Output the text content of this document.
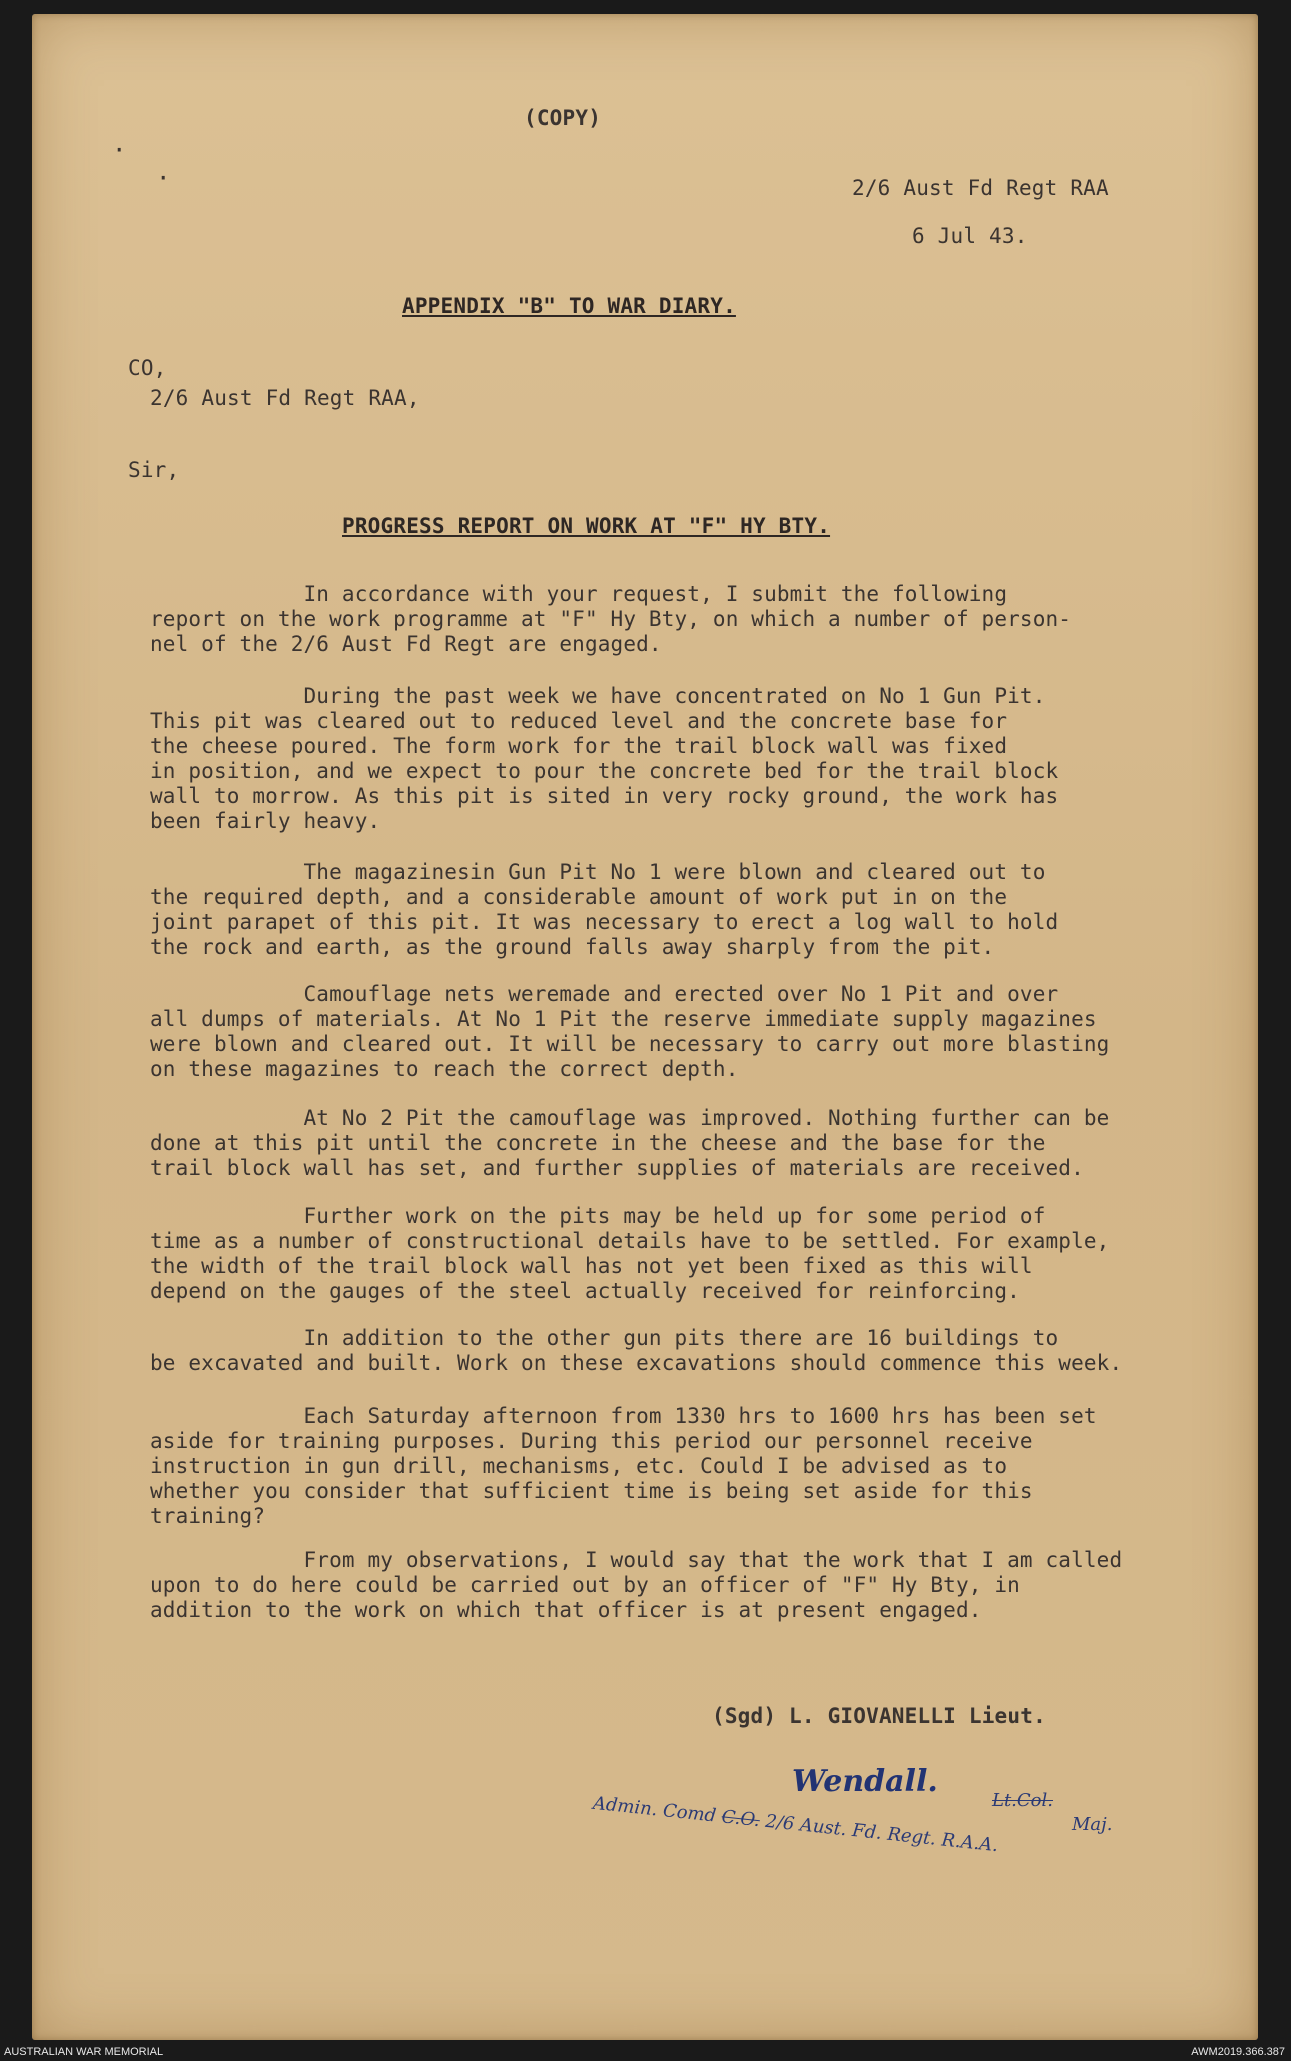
(COPY)
·
·	2/6 Aust Fd Regt RAA
6 Jul 43.
APPENDIX "B" TO WAR DIARY.
CO,
2/6 Aust Fd Regt RAA,
Sir,
PROGRESS REPORT ON WORK AT "F" HY BTY.
In accordance with your request, I submit the following
report on the work programme at "F" Hy Bty, on which a number of person-
nel of the 2/6 Aust Fd Regt are engaged.
During the past week we have concentrated on No 1 Gun Pit.
This pit was cleared out to reduced level and the concrete base for
the cheese poured. The form work for the trail block wall was fixed
in position, and we expect to pour the concrete bed for the trail block
wall to morrow. As this pit is sited in very rocky ground, the work has
been fairly heavy.
The magazinesin Gun Pit No 1 were blown and cleared out to
the required depth, and a considerable amount of work put in on the
joint parapet of this pit. It was necessary to erect a log wall to hold
the rock and earth, as the ground falls away sharply from the pit.
Camouflage nets weremade and erected over No 1 Pit and over
all dumps of materials. At No 1 Pit the reserve immediate supply magazines
were blown and cleared out. It will be necessary to carry out more blasting
on these magazines to reach the correct depth.
At No 2 Pit the camouflage was improved. Nothing further can be
done at this pit until the concrete in the cheese and the base for the
trail block wall has set, and further supplies of materials are received.
Further work on the pits may be held up for some period of
time as a number of constructional details have to be settled. For example,
the width of the trail block wall has not yet been fixed as this will
depend on the gauges of the steel actually received for reinforcing.
In addition to the other gun pits there are 16 buildings to
be excavated and built. Work on these excavations should commence this week.
Each Saturday afternoon from 1330 hrs to 1600 hrs has been set
aside for training purposes. During this period our personnel receive
instruction in gun drill, mechanisms, etc. Could I be advised as to
whether you consider that sufficient time is being set aside for this
training?
From my observations, I would say that the work that I am called
upon to do here could be carried out by an officer of "F" Hy Bty, in
addition to the work on which that officer is at present engaged.
(Sgd) L. GIOVANELLI Lieut.
Wendall.
Admin. Comd C.O. 2/6 Aust. Fd. Regt. R.A.A.
Lt.Col.
Maj.
AUSTRALIAN WAR MEMORIAL	AWM2019.366.387
